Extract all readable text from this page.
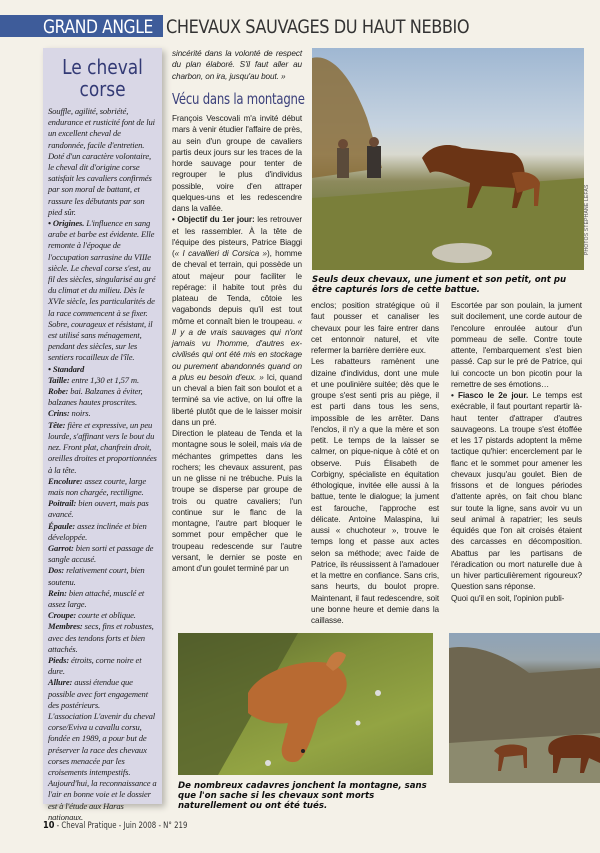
GRAND ANGLE CHEVAUX SAUVAGES DU HAUT NEBBIO
Le cheval
corse

Souffle, agilité, sobriété, endurance et rusticité font de lui un excellent cheval de randonnée, facile d'entretien. Doté d'un caractère volontaire, le cheval dit d'origine corse satisfait les cavaliers confirmés par son moral de battant, et rassure les débutants par son pied sûr.

• Origines. L'influence en sang arabe et barbe est évidente. Elle remonte à l'époque de l'occupation sarrasine du VIIIe siècle. Le cheval corse s'est, au fil des siècles, singularisé au gré du climat et du milieu. Dès le XVIe siècle, les particularités de la race commencent à se fixer. Sobre, courageux et résistant, il est utilisé sans ménagement, pendant des siècles, sur les sentiers rocailleux de l'île.

• Standard

Taille: entre 1,30 et 1,57 m.

Robe: bai. Balzanes à éviter, balzanes hautes proscrites.

Crins: noirs.

Tête: fière et expressive, un peu lourde, s'affinant vers le bout du nez. Front plat, chanfrein droit, oreilles droites et proportionnées à la tête.

Encolure: assez courte, large mais non chargée, rectiligne.

Poitrail: bien ouvert, mais pas avancé.

Épaule: assez inclinée et bien développée.

Garrot: bien sorti et passage de sangle accusé.

Dos: relativement court, bien soutenu.

Rein: bien attaché, musclé et assez large.

Croupe: courte et oblique.

Membres: secs, fins et robustes, avec des tendons forts et bien attachés.

Pieds: étroits, corne noire et dure.

Allure: aussi étendue que possible avec fort engagement des postérieurs.

L'association L'avenir du cheval corse/Eviva u cavallu corsu, fondée en 1989, a pour but de préserver la race des chevaux corses menacée par les croisements intempestifs. Aujourd'hui, la reconnaissance a l'air en bonne voie et le dossier est à l'étude aux Haras nationaux.

sincérité dans la volonté de respect du plan élaboré. S'il faut aller au charbon, on ira, jusqu'au bout. »

Vécu dans la montagne

François Vescovali m'a invité début mars à venir étudier l'affaire de près, au sein d'un groupe de cavaliers partis deux jours sur les traces de la horde sauvage pour tenter de regrouper le plus d'individus possible, voire d'en attraper quelques-uns et les redescendre dans la vallée.

• Objectif du 1er jour: les retrouver et les rassembler. À la tête de l'équipe des pisteurs, Patrice Biaggi (« I cavallieri di Corsica »), homme de cheval et terrain, qui possède un atout majeur pour faciliter le repérage: il habite tout près du plateau de Tenda, côtoie les vagabonds depuis qu'il est tout môme et connaît bien le troupeau. « Il y a de vrais sauvages qui n'ont jamais vu l'homme, d'autres ex-civilisés qui ont été mis en stockage ou purement abandonnés quand on a plus eu besoin d'eux. » Ici, quand un cheval a bien fait son boulot et a terminé sa vie active, on lui offre la liberté plutôt que de le laisser moisir dans un pré.

Direction le plateau de Tenda et la montagne sous le soleil, mais via de méchantes grimpettes dans les rochers; les chevaux assurent, pas un ne glisse ni ne trébuche. Puis la troupe se disperse par groupe de trois ou quatre cavaliers; l'un continue sur le flanc de la montagne, l'autre part bloquer le sommet pour empêcher que le troupeau redescende sur l'autre versant, le dernier se poste en amont d'un goulet terminé par un

PHOTOS STÉPHANE LEFAS
Seuls deux chevaux, une jument et son petit, ont pu être capturés lors de cette battue.

enclos; position stratégique où il faut pousser et canaliser les chevaux pour les faire entrer dans cet entonnoir naturel, et vite refermer la barrière derrière eux.

Les rabatteurs ramènent une dizaine d'individus, dont une mule et une poulinière suitée; dès que le groupe s'est senti pris au piège, il est parti dans tous les sens, impossible de les arrêter. Dans l'enclos, il n'y a que la mère et son petit. Le temps de la laisser se calmer, on pique-nique à côté et on observe. Puis Élisabeth de Corbigny, spécialiste en équitation éthologique, invitée elle aussi à la battue, tente le dialogue; la jument est farouche, l'approche est délicate. Antoine Malaspina, lui aussi « chuchoteur », trouve le temps long et passe aux actes selon sa méthode; avec l'aide de Patrice, ils réussissent à l'amadouer et la mettre en confiance. Sans cris, sans heurts, du boulot propre. Maintenant, il faut redescendre, soit une bonne heure et demie dans la caillasse.

Escortée par son poulain, la jument suit docilement, une corde autour de l'encolure enroulée autour d'un pommeau de selle. Contre toute attente, l'embarquement s'est bien passé. Cap sur le pré de Patrice, qui lui concocte un bon picotin pour la remettre de ses émotions…

• Fiasco le 2e jour. Le temps est exécrable, il faut pourtant repartir là-haut tenter d'attraper d'autres sauvageons. La troupe s'est étoffée et les 17 pistards adoptent la même tactique qu'hier: encerclement par le flanc et le sommet pour amener les chevaux jusqu'au goulet. Bien de frissons et de longues périodes d'attente après, on fait chou blanc sur toute la ligne, sans avoir vu un seul animal à rapatrier; les seuls équidés que l'on ait croisés étaient des carcasses en décomposition. Abattus par les partisans de l'éradication ou mort naturelle due à un hiver particulièrement rigoureux? Question sans réponse.

Quoi qu'il en soit, l'opinion publi-

De nombreux cadavres jonchent la montagne, sans que l'on sache si les chevaux sont morts naturellement ou ont été tués.
10 - Cheval Pratique - Juin 2008 - N° 219
